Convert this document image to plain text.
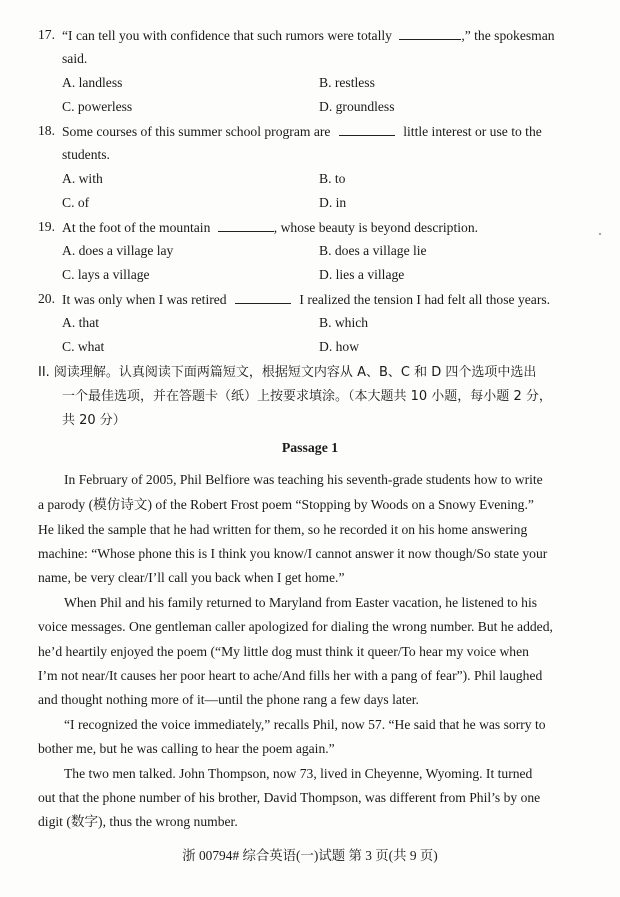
17. “I can tell you with confidence that such rumors were totally	,” the spokesman
said.
A. landless	B. restless
C. powerless	D. groundless
18. Some courses of this summer school program are	little interest or use to the
students.
A. with	B. to
C. of	D. in
19. At the foot of the mountain	, whose beauty is beyond description.
A. does a village lay	B. does a village lie
C. lays a village	D. lies a village
20. It was only when I was retired	I realized the tension I had felt all those years.
A. that	B. which
C. what	D. how
II. 阅读理解。认真阅读下面两篇短文，根据短文内容从 A、B、C 和 D 四个选项中选出
一个最佳选项，并在答题卡（纸）上按要求填涂。（本大题共 10 小题，每小题 2 分，
共 20 分）
Passage 1
In February of 2005, Phil Belfiore was teaching his seventh-grade students how to write
a parody (模仿诗文) of the Robert Frost poem “Stopping by Woods on a Snowy Evening.”
He liked the sample that he had written for them, so he recorded it on his home answering
machine: “Whose phone this is I think you know/I cannot answer it now though/So state your
name, be very clear/I’ll call you back when I get home.”
When Phil and his family returned to Maryland from Easter vacation, he listened to his
voice messages. One gentleman caller apologized for dialing the wrong number. But he added,
he’d heartily enjoyed the poem (“My little dog must think it queer/To hear my voice when
I’m not near/It causes her poor heart to ache/And fills her with a pang of fear”). Phil laughed
and thought nothing more of it—until the phone rang a few days later.
“I recognized the voice immediately,” recalls Phil, now 57. “He said that he was sorry to
bother me, but he was calling to hear the poem again.”
The two men talked. John Thompson, now 73, lived in Cheyenne, Wyoming. It turned
out that the phone number of his brother, David Thompson, was different from Phil’s by one
digit (数字), thus the wrong number.
浙 00794# 综合英语(一)试题 第 3 页(共 9 页)
